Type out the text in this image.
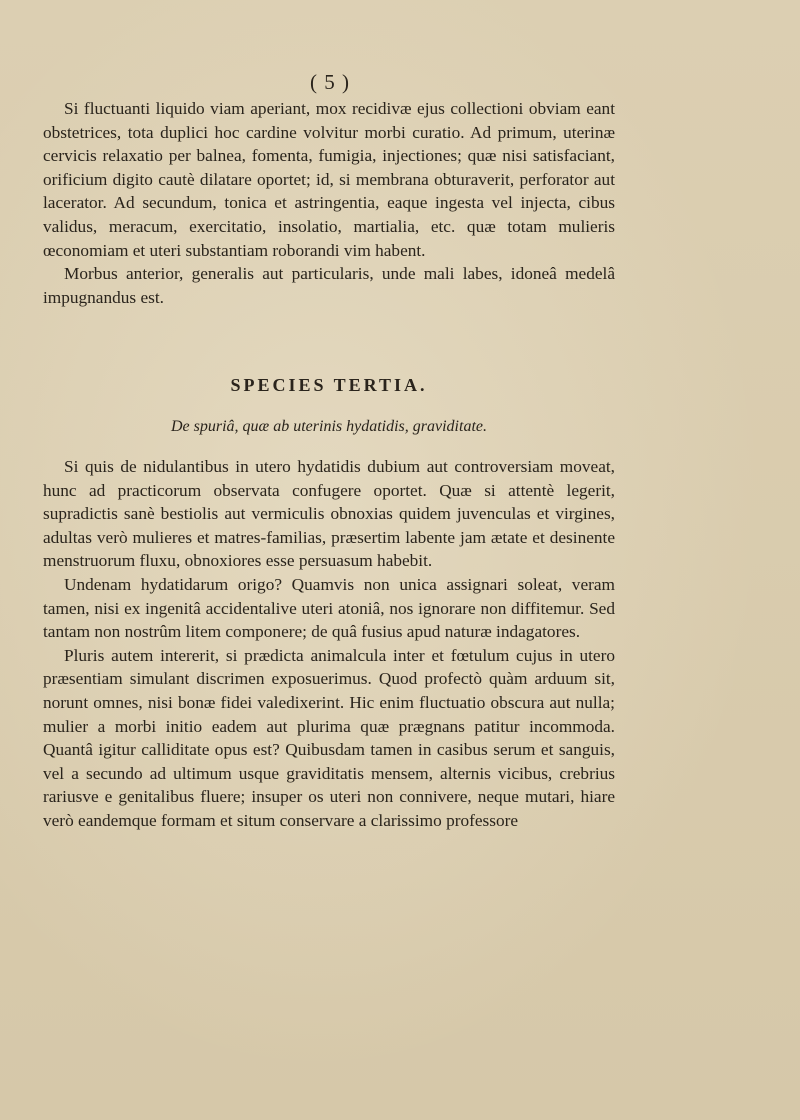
( 5 )

Si fluctuanti liquido viam aperiant, mox recidivæ ejus collectioni obviam eant obstetrices, tota duplici hoc cardine volvitur morbi curatio. Ad primum, uterinæ cervicis relaxatio per balnea, fomenta, fumigia, injectiones; quæ nisi satisfaciant, orificium digito cautè dilatare oportet; id, si membrana obturaverit, perforator aut lacerator. Ad secundum, tonica et astringentia, eaque ingesta vel injecta, cibus validus, meracum, exercitatio, insolatio, martialia, etc. quæ totam mulieris œconomiam et uteri substantiam roborandi vim habent.

Morbus anterior, generalis aut particularis, unde mali labes, idoneâ medelâ impugnandus est.

SPECIES TERTIA.
De spuriâ, quæ ab uterinis hydatidis, graviditate.

Si quis de nidulantibus in utero hydatidis dubium aut controversiam moveat, hunc ad practicorum observata confugere oportet. Quæ si attentè legerit, supradictis sanè bestiolis aut vermiculis obnoxias quidem juvenculas et virgines, adultas verò mulieres et matres-familias, præsertim labente jam ætate et desinente menstruorum fluxu, obnoxiores esse persuasum habebit.

Undenam hydatidarum origo? Quamvis non unica assignari soleat, veram tamen, nisi ex ingenitâ accidentalive uteri atoniâ, nos ignorare non diffitemur. Sed tantam non nostrûm litem componere; de quâ fusius apud naturæ indagatores.

Pluris autem intererit, si prædicta animalcula inter et fœtulum cujus in utero præsentiam simulant discrimen exposuerimus. Quod profectò quàm arduum sit, norunt omnes, nisi bonæ fidei valedixerint. Hic enim fluctuatio obscura aut nulla; mulier a morbi initio eadem aut plurima quæ prægnans patitur incommoda. Quantâ igitur calliditate opus est? Quibusdam tamen in casibus serum et sanguis, vel a secundo ad ultimum usque graviditatis mensem, alternis vicibus, crebrius rariusve e genitalibus fluere; insuper os uteri non connivere, neque mutari, hiare verò eandemque formam et situm conservare a clarissimo professore
